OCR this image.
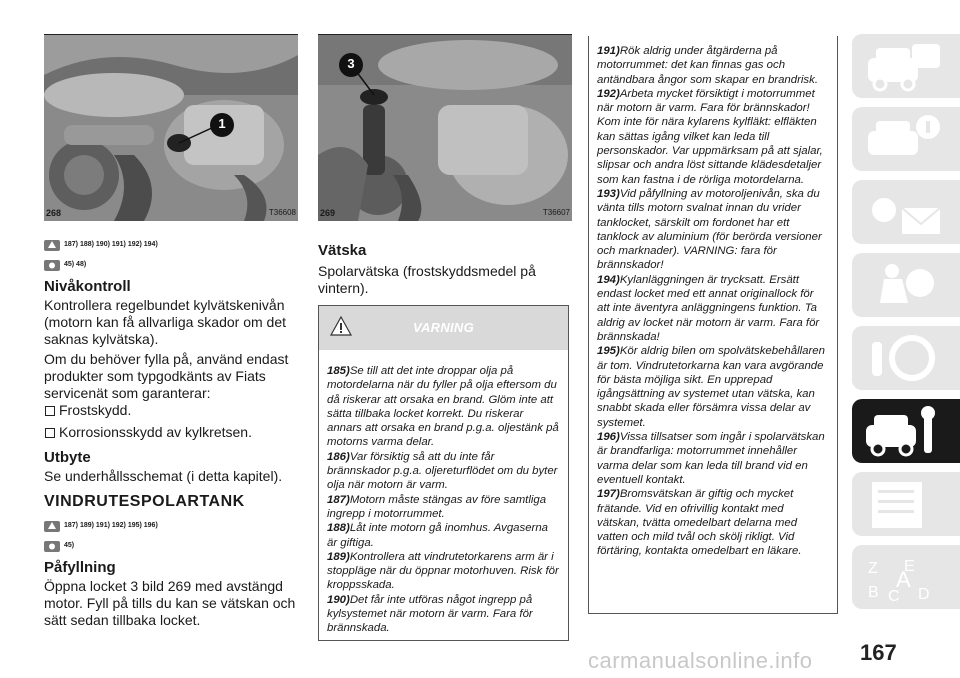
1
268	T36608
3
269	T36607
187) 188) 190) 191) 192) 194)
45) 48)
Nivåkontroll
Kontrollera regelbundet kylvätskenivån (motorn kan få allvarliga skador om det saknas kylvätska).
Om du behöver fylla på, använd endast produkter som typgodkänts av Fiats servicenät som garanterar:
Frostskydd.
Korrosionsskydd av kylkretsen.
Utbyte
Se underhållsschemat (i detta kapitel).
VINDRUTESPOLARTANK
187) 189) 191) 192) 195) 196)
45)
Påfyllning
Öppna locket 3 bild 269 med avstängd motor. Fyll på tills du kan se vätskan och sätt sedan tillbaka locket.
Vätska
Spolarvätska (frostskyddsmedel på vintern).
VARNING
185)Se till att det inte droppar olja på motordelarna när du fyller på olja eftersom du då riskerar att orsaka en brand. Glöm inte att sätta tillbaka locket korrekt. Du riskerar annars att orsaka en brand p.g.a. oljestänk på motorns varma delar.
186)Var försiktig så att du inte får brännskador p.g.a. oljereturflödet om du byter olja när motorn är varm.
187)Motorn måste stängas av före samtliga ingrepp i motorrummet.
188)Låt inte motorn gå inomhus. Avgaserna är giftiga.
189)Kontrollera att vindrutetorkarens arm är i stoppläge när du öppnar motorhuven. Risk för kroppsskada.
190)Det får inte utföras något ingrepp på kylsystemet när motorn är varm. Fara för brännskada.
191)Rök aldrig under åtgärderna på motorrummet: det kan finnas gas och antändbara ångor som skapar en brandrisk.
192)Arbeta mycket försiktigt i motorrummet när motorn är varm. Fara för brännskador! Kom inte för nära kylarens kylfläkt: elfläkten kan sättas igång vilket kan leda till personskador. Var uppmärksam på att sjalar, slipsar och andra löst sittande klädesdetaljer som kan fastna i de rörliga motordelarna.
193)Vid påfyllning av motoroljenivån, ska du vänta tills motorn svalnat innan du vrider tanklocket, särskilt om fordonet har ett tanklock av aluminium (för berörda versioner och marknader). VARNING: fara för brännskador!
194)Kylanläggningen är trycksatt. Ersätt endast locket med ett annat originallock för att inte äventyra anläggningens funktion. Ta aldrig av locket när motorn är varm. Fara för brännskada!
195)Kör aldrig bilen om spolvätskebehållaren är tom. Vindrutetorkarna kan vara avgörande för bästa möjliga sikt. En upprepad igångsättning av systemet utan vätska, kan snabbt skada eller försämra vissa delar av systemet.
196)Vissa tillsatser som ingår i spolarvätskan är brandfarliga: motorrummet innehåller varma delar som kan leda till brand vid en eventuell kontakt.
197)Bromsvätskan är giftig och mycket frätande. Vid en ofrivillig kontakt med vätskan, tvätta omedelbart delarna med vatten och mild tvål och skölj rikligt. Vid förtäring, kontakta omedelbart en läkare.
Z E
B C D
A
carmanualsonline.info 167
